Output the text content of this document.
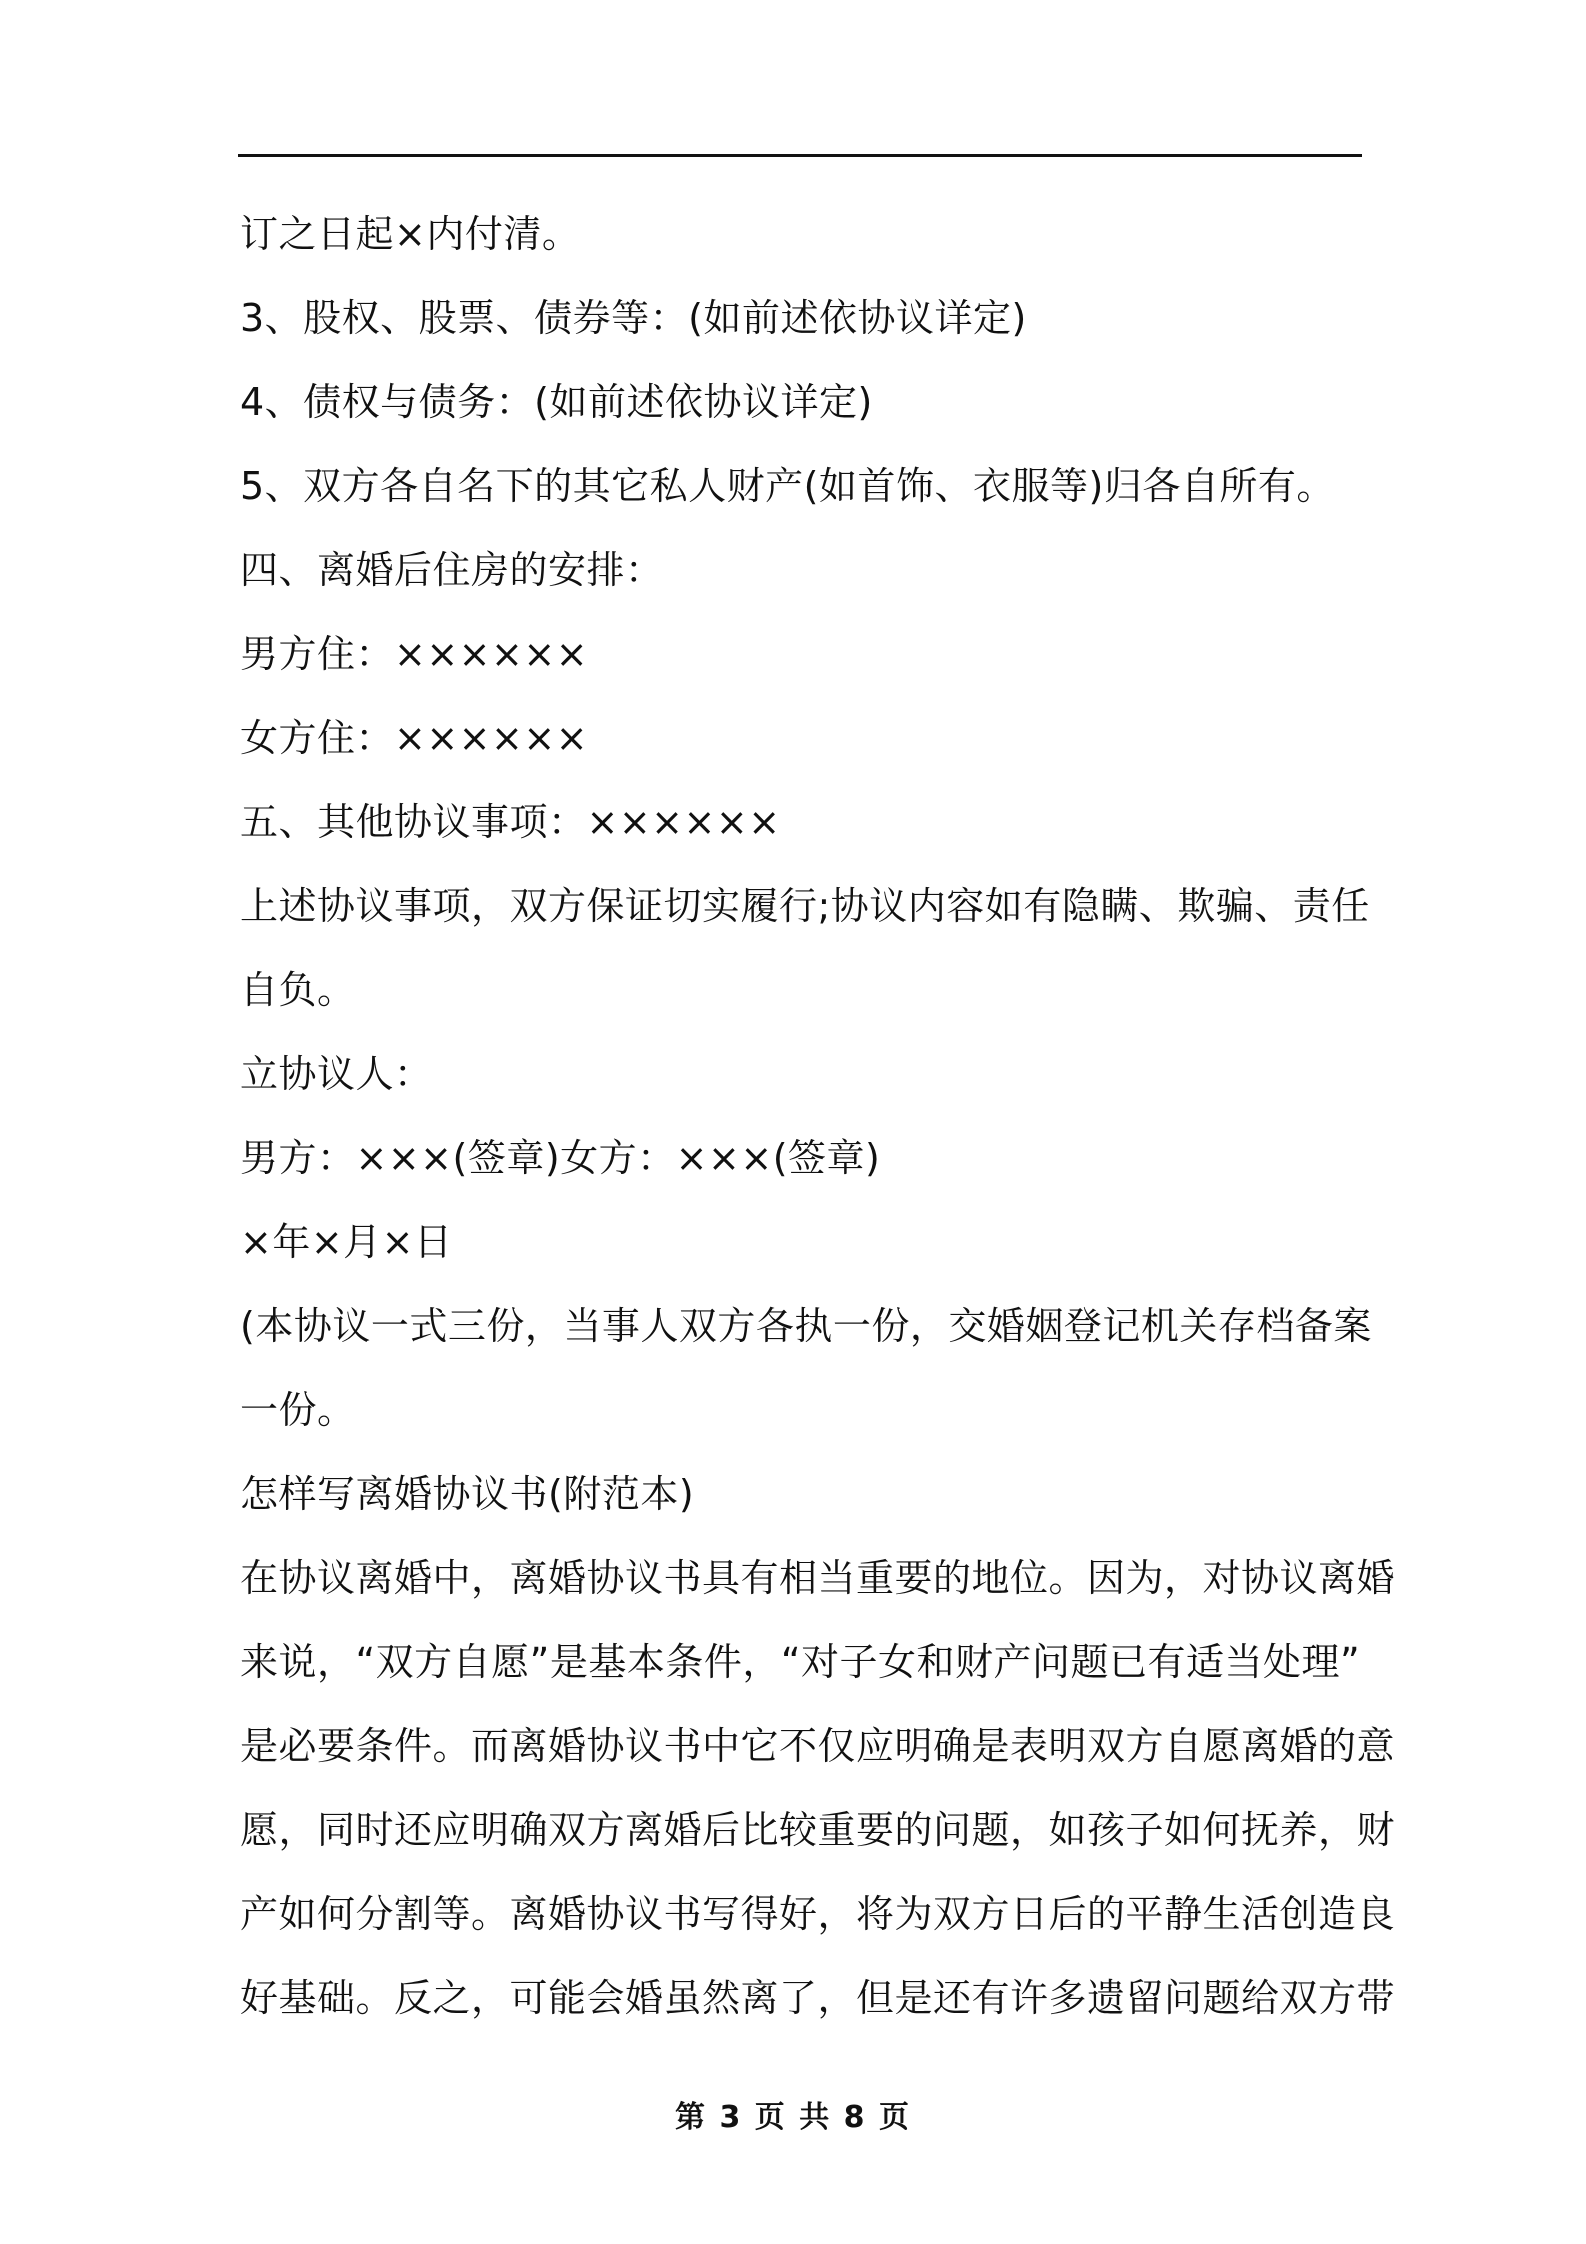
订之日起×内付清。
3、股权、股票、债券等：(如前述依协议详定)
4、债权与债务：(如前述依协议详定)
5、双方各自名下的其它私人财产(如首饰、衣服等)归各自所有。
四、离婚后住房的安排：
男方住：××××××
女方住：××××××
五、其他协议事项：××××××
上述协议事项，双方保证切实履行;协议内容如有隐瞒、欺骗、责任
自负。
立协议人：
男方：×××(签章)女方：×××(签章)
×年×月×日
(本协议一式三份，当事人双方各执一份，交婚姻登记机关存档备案
一份。
怎样写离婚协议书(附范本)
在协议离婚中，离婚协议书具有相当重要的地位。因为，对协议离婚
来说，“双方自愿”是基本条件，“对子女和财产问题已有适当处理”
是必要条件。而离婚协议书中它不仅应明确是表明双方自愿离婚的意
愿，同时还应明确双方离婚后比较重要的问题，如孩子如何抚养，财
产如何分割等。离婚协议书写得好，将为双方日后的平静生活创造良
好基础。反之，可能会婚虽然离了，但是还有许多遗留问题给双方带
第 3 页 共 8 页
